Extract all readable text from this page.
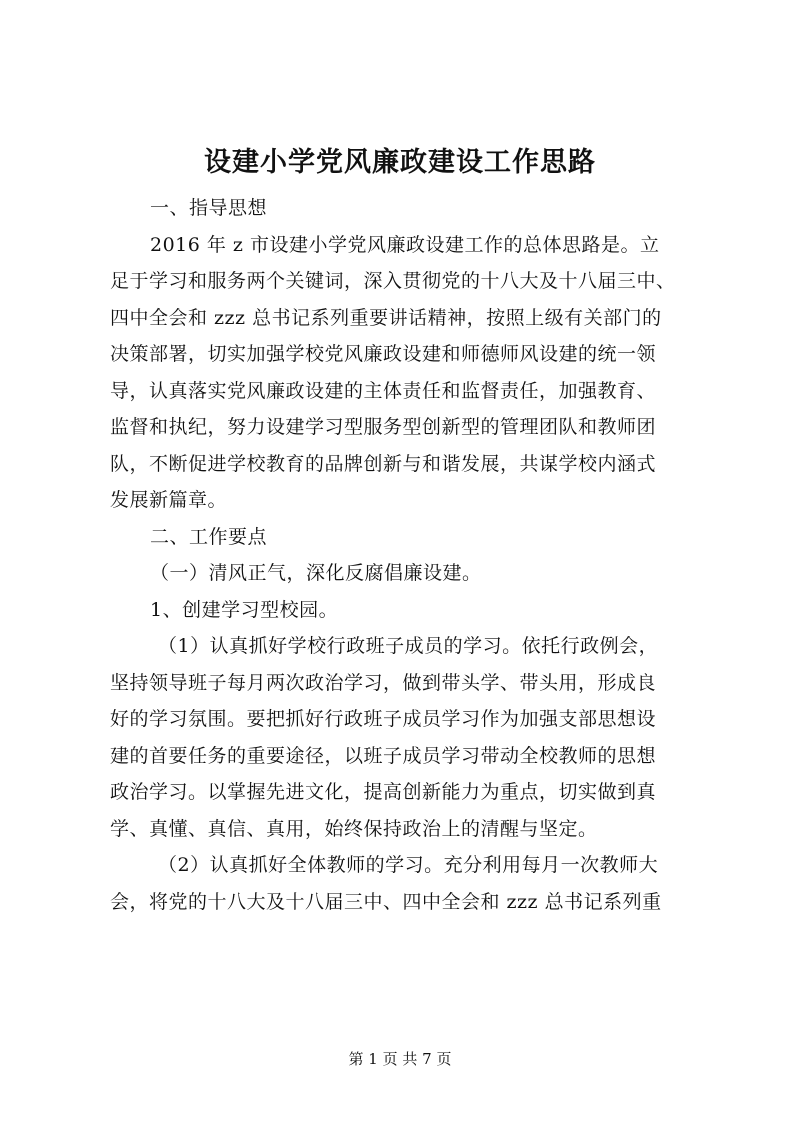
设建小学党风廉政建设工作思路
一、指导思想
2016 年 z 市设建小学党风廉政设建工作的总体思路是。立
足于学习和服务两个关键词，深入贯彻党的十八大及十八届三中、
四中全会和 zzz 总书记系列重要讲话精神，按照上级有关部门的
决策部署，切实加强学校党风廉政设建和师德师风设建的统一领
导，认真落实党风廉政设建的主体责任和监督责任，加强教育、
监督和执纪，努力设建学习型服务型创新型的管理团队和教师团
队，不断促进学校教育的品牌创新与和谐发展，共谋学校内涵式
发展新篇章。
二、工作要点
（一）清风正气，深化反腐倡廉设建。
1、创建学习型校园。
（1）认真抓好学校行政班子成员的学习。依托行政例会，
坚持领导班子每月两次政治学习，做到带头学、带头用，形成良
好的学习氛围。要把抓好行政班子成员学习作为加强支部思想设
建的首要任务的重要途径，以班子成员学习带动全校教师的思想
政治学习。以掌握先进文化，提高创新能力为重点，切实做到真
学、真懂、真信、真用，始终保持政治上的清醒与坚定。
（2）认真抓好全体教师的学习。充分利用每月一次教师大
会，将党的十八大及十八届三中、四中全会和 zzz 总书记系列重
第 1 页 共 7 页
